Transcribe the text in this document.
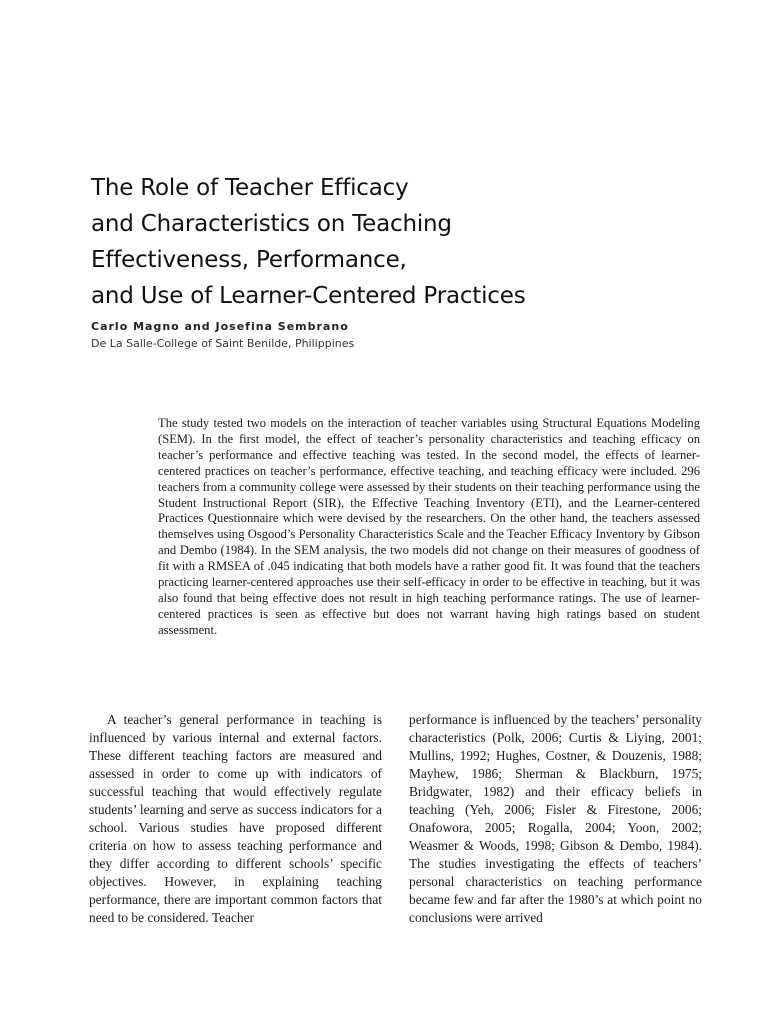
The Role of Teacher Efficacy
and Characteristics on Teaching
Effectiveness, Performance,
and Use of Learner-Centered Practices
Carlo Magno and Josefina Sembrano
De La Salle-College of Saint Benilde, Philippines

The study tested two models on the interaction of teacher variables using Structural Equations Modeling (SEM). In the first model, the effect of teacher’s personality characteristics and teaching efficacy on teacher’s performance and effective teaching was tested. In the second model, the effects of learner-centered practices on teacher’s performance, effective teaching, and teaching efficacy were included. 296 teachers from a community college were assessed by their students on their teaching performance using the Student Instructional Report (SIR), the Effective Teaching Inventory (ETI), and the Learner-centered Practices Questionnaire which were devised by the researchers. On the other hand, the teachers assessed themselves using Osgood’s Personality Characteristics Scale and the Teacher Efficacy Inventory by Gibson and Dembo (1984). In the SEM analysis, the two models did not change on their measures of goodness of fit with a RMSEA of .045 indicating that both models have a rather good fit. It was found that the teachers practicing learner-centered approaches use their self-efficacy in order to be effective in teaching, but it was also found that being effective does not result in high teaching performance ratings. The use of learner-centered practices is seen as effective but does not warrant having high ratings based on student assessment.

A teacher’s general performance in teaching is influenced by various internal and external factors. These different teaching factors are measured and assessed in order to come up with indicators of successful teaching that would effectively regulate students’ learning and serve as success indicators for a school. Various studies have proposed different criteria on how to assess teaching performance and they differ according to different schools’ specific objectives. However, in explaining teaching performance, there are important common factors that need to be considered. Teacher

performance is influenced by the teachers’ personality characteristics (Polk, 2006; Curtis & Liying, 2001; Mullins, 1992; Hughes, Costner, & Douzenis, 1988; Mayhew, 1986; Sherman & Blackburn, 1975; Bridgwater, 1982) and their efficacy beliefs in teaching (Yeh, 2006; Fisler & Firestone, 2006; Onafowora, 2005; Rogalla, 2004; Yoon, 2002; Weasmer & Woods, 1998; Gibson & Dembo, 1984). The studies investigating the effects of teachers’ personal characteristics on teaching performance became few and far after the 1980’s at which point no conclusions were arrived
